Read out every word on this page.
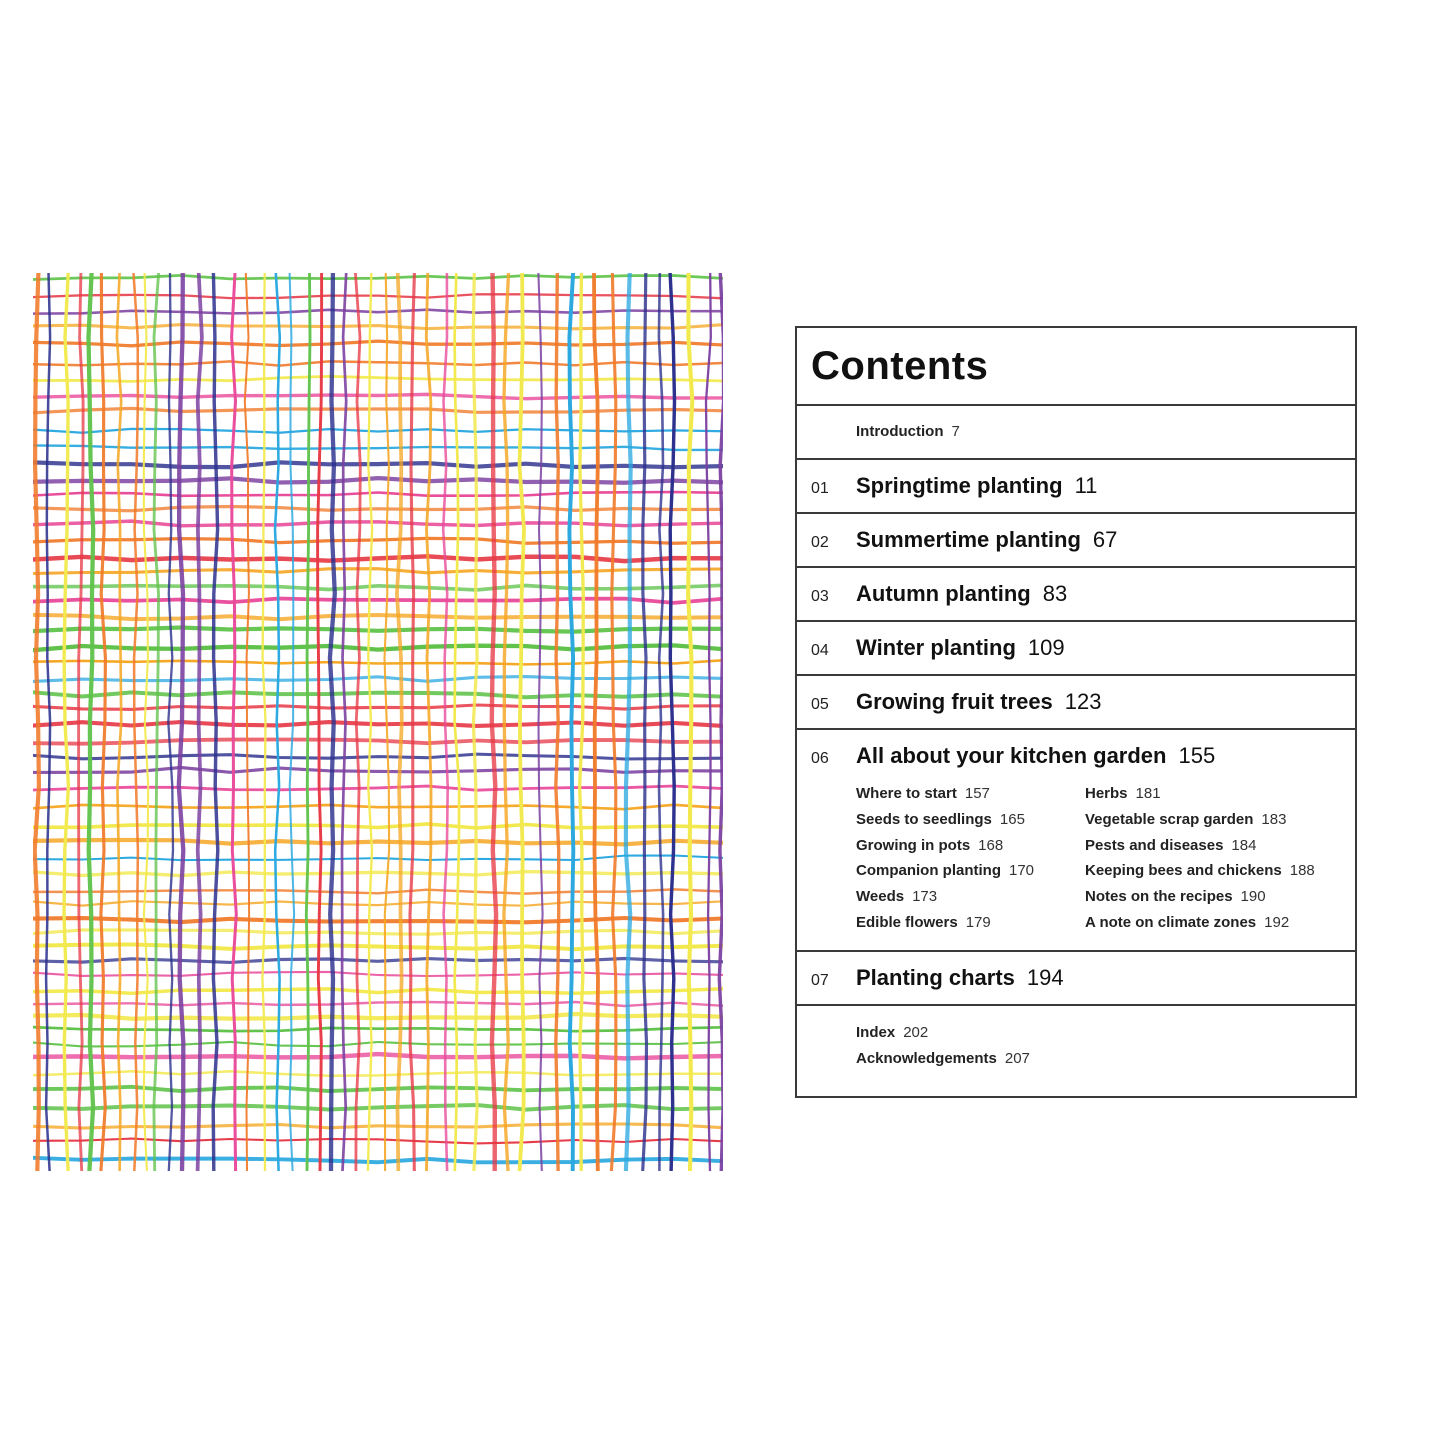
Contents
Introduction 7
01 Springtime planting 11
02 Summertime planting 67
03 Autumn planting 83
04 Winter planting 109
05 Growing fruit trees 123
06 All about your kitchen garden 155
Where to start 157
Seeds to seedlings 165
Growing in pots 168
Companion planting 170
Weeds 173
Edible flowers 179
Herbs 181
Vegetable scrap garden 183
Pests and diseases 184
Keeping bees and chickens 188
Notes on the recipes 190
A note on climate zones 192
07 Planting charts 194
Index 202
Acknowledgements 207
